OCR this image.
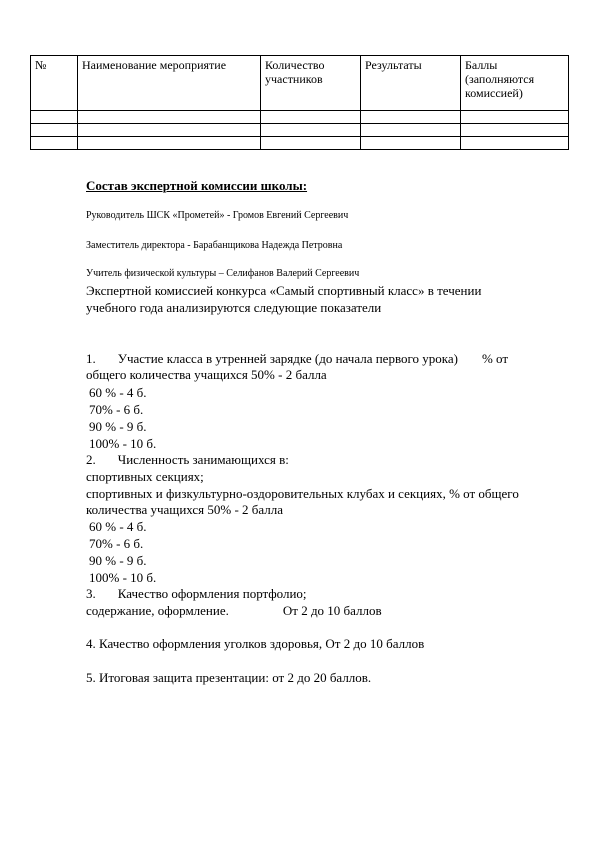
№	Наименование мероприятие	Количество участников	Результаты	Баллы (заполняются комиссией)

Состав экспертной комиссии школы:
Руководитель ШСК «Прометей» - Громов Евгений Сергеевич
Заместитель директора - Барабанщикова Надежда Петровна
Учитель физической культуры – Селифанов Валерий Сергеевич
Экспертной комиссией конкурса «Самый спортивный класс» в течении
учебного года анализируются следующие показатели
1. Участие класса в утренней зарядке (до начала первого урока) % от
общего количества учащихся 50% - 2 балла
60 % - 4 б.
70% - 6 б.
90 % - 9 б.
100% - 10 б.
2. Численность занимающихся в:
спортивных секциях;
спортивных и физкультурно-оздоровительных клубах и секциях, % от общего
количества учащихся 50% - 2 балла
60 % - 4 б.
70% - 6 б.
90 % - 9 б.
100% - 10 б.
3. Качество оформления портфолио;
содержание, оформление.	От 2 до 10 баллов
4. Качество оформления уголков здоровья, От 2 до 10 баллов
5. Итоговая защита презентации: от 2 до 20 баллов.
